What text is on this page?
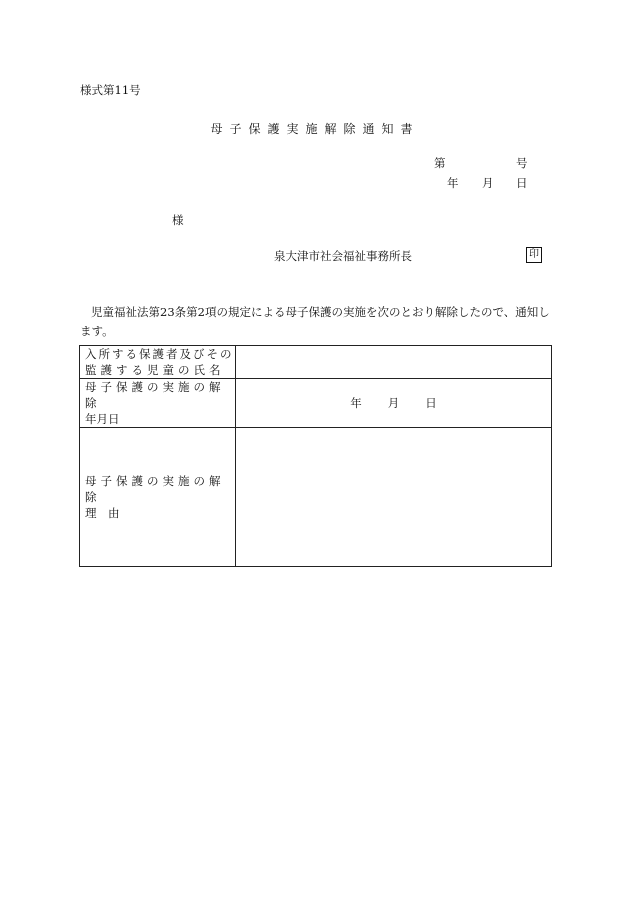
様式第11号
母子保護実施解除通知書
第	号
年 月 日
様
泉大津市社会福祉事務所長	印
児童福祉法第23条第2項の規定による母子保護の実施を次のとおり解除したので、通知します。
入所する保護者及びその
監護する児童の氏名	

母子保護の実施の解除
年月日	年 月 日

母子保護の実施の解除
理　由	
